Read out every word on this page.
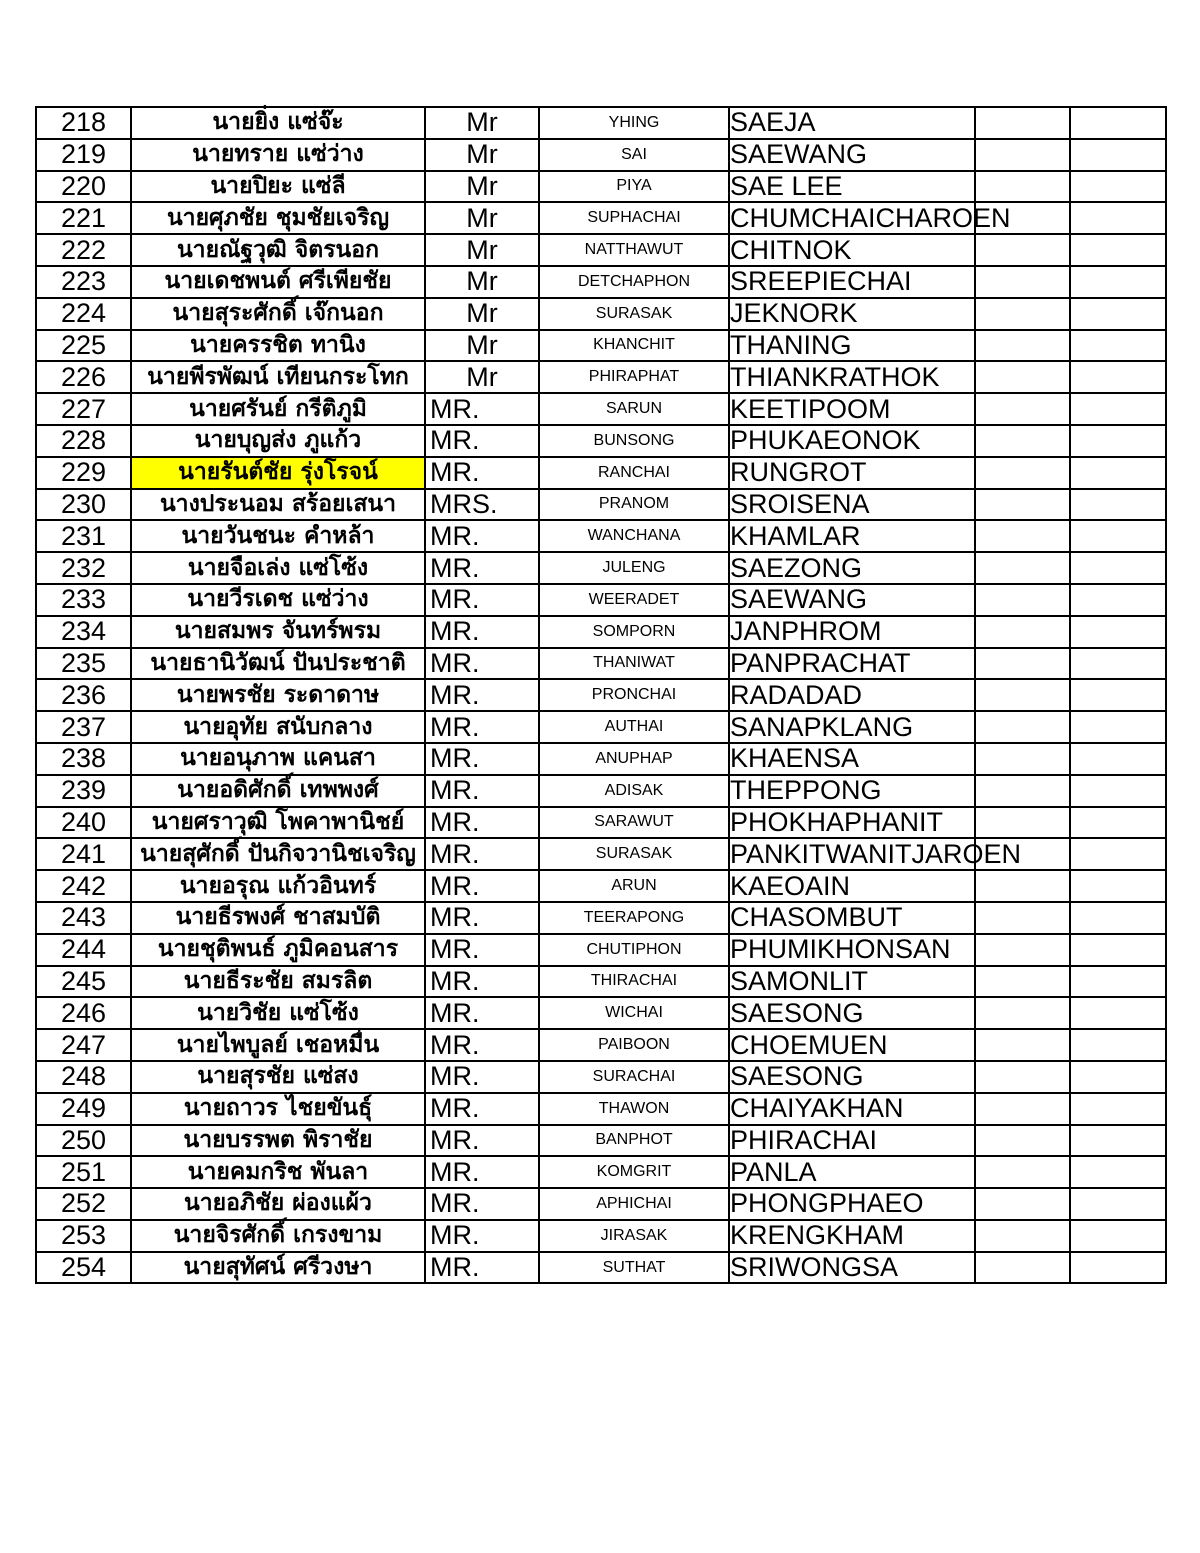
218	นายยิ่ง แซ่จ๊ะ	Mr	YHING	SAEJA		
219	นายทราย แซ่ว่าง	Mr	SAI	SAEWANG		
220	นายปิยะ แซ่ลี	Mr	PIYA	SAE LEE		
221	นายศุภชัย ชุมชัยเจริญ	Mr	SUPHACHAI	CHUMCHAICHAROEN		
222	นายณัฐวุฒิ จิตรนอก	Mr	NATTHAWUT	CHITNOK		
223	นายเดชพนต์ ศรีเพียชัย	Mr	DETCHAPHON	SREEPIECHAI		
224	นายสุระศักดิ์ เจ๊กนอก	Mr	SURASAK	JEKNORK		
225	นายครรชิต ทานิง	Mr	KHANCHIT	THANING		
226	นายพีรพัฒน์ เทียนกระโทก	Mr	PHIRAPHAT	THIANKRATHOK		
227	นายศรันย์ กรีติภูมิ	MR.	SARUN	KEETIPOOM		
228	นายบุญส่ง ภูแก้ว	MR.	BUNSONG	PHUKAEONOK		
229	นายรันต์ชัย รุ่งโรจน์	MR.	RANCHAI	RUNGROT		
230	นางประนอม สร้อยเสนา	MRS.	PRANOM	SROISENA		
231	นายวันชนะ คำหล้า	MR.	WANCHANA	KHAMLAR		
232	นายจือเล่ง แซ่โซ้ง	MR.	JULENG	SAEZONG		
233	นายวีรเดช แซ่ว่าง	MR.	WEERADET	SAEWANG		
234	นายสมพร จันทร์พรม	MR.	SOMPORN	JANPHROM		
235	นายธานิวัฒน์ ปันประชาติ	MR.	THANIWAT	PANPRACHAT		
236	นายพรชัย ระดาดาษ	MR.	PRONCHAI	RADADAD		
237	นายอุทัย สนับกลาง	MR.	AUTHAI	SANAPKLANG		
238	นายอนุภาพ แคนสา	MR.	ANUPHAP	KHAENSA		
239	นายอดิศักดิ์ เทพพงศ์	MR.	ADISAK	THEPPONG		
240	นายศราวุฒิ โพคาพานิชย์	MR.	SARAWUT	PHOKHAPHANIT		
241	นายสุศักดิ์ ปันกิจวานิชเจริญ	MR.	SURASAK	PANKITWANITJAROEN		
242	นายอรุณ แก้วอินทร์	MR.	ARUN	KAEOAIN		
243	นายธีรพงศ์ ชาสมบัติ	MR.	TEERAPONG	CHASOMBUT		
244	นายชุติพนธ์ ภูมิคอนสาร	MR.	CHUTIPHON	PHUMIKHONSAN		
245	นายธีระชัย สมรลิต	MR.	THIRACHAI	SAMONLIT		
246	นายวิชัย แซ่โซ้ง	MR.	WICHAI	SAESONG		
247	นายไพบูลย์ เชอหมื่น	MR.	PAIBOON	CHOEMUEN		
248	นายสุรชัย แซ่สง	MR.	SURACHAI	SAESONG		
249	นายถาวร ไชยขันธุ์	MR.	THAWON	CHAIYAKHAN		
250	นายบรรพต พิราชัย	MR.	BANPHOT	PHIRACHAI		
251	นายคมกริช พันลา	MR.	KOMGRIT	PANLA		
252	นายอภิชัย ผ่องแผ้ว	MR.	APHICHAI	PHONGPHAEO		
253	นายจิรศักดิ์ เกรงขาม	MR.	JIRASAK	KRENGKHAM		
254	นายสุทัศน์ ศรีวงษา	MR.	SUTHAT	SRIWONGSA		
